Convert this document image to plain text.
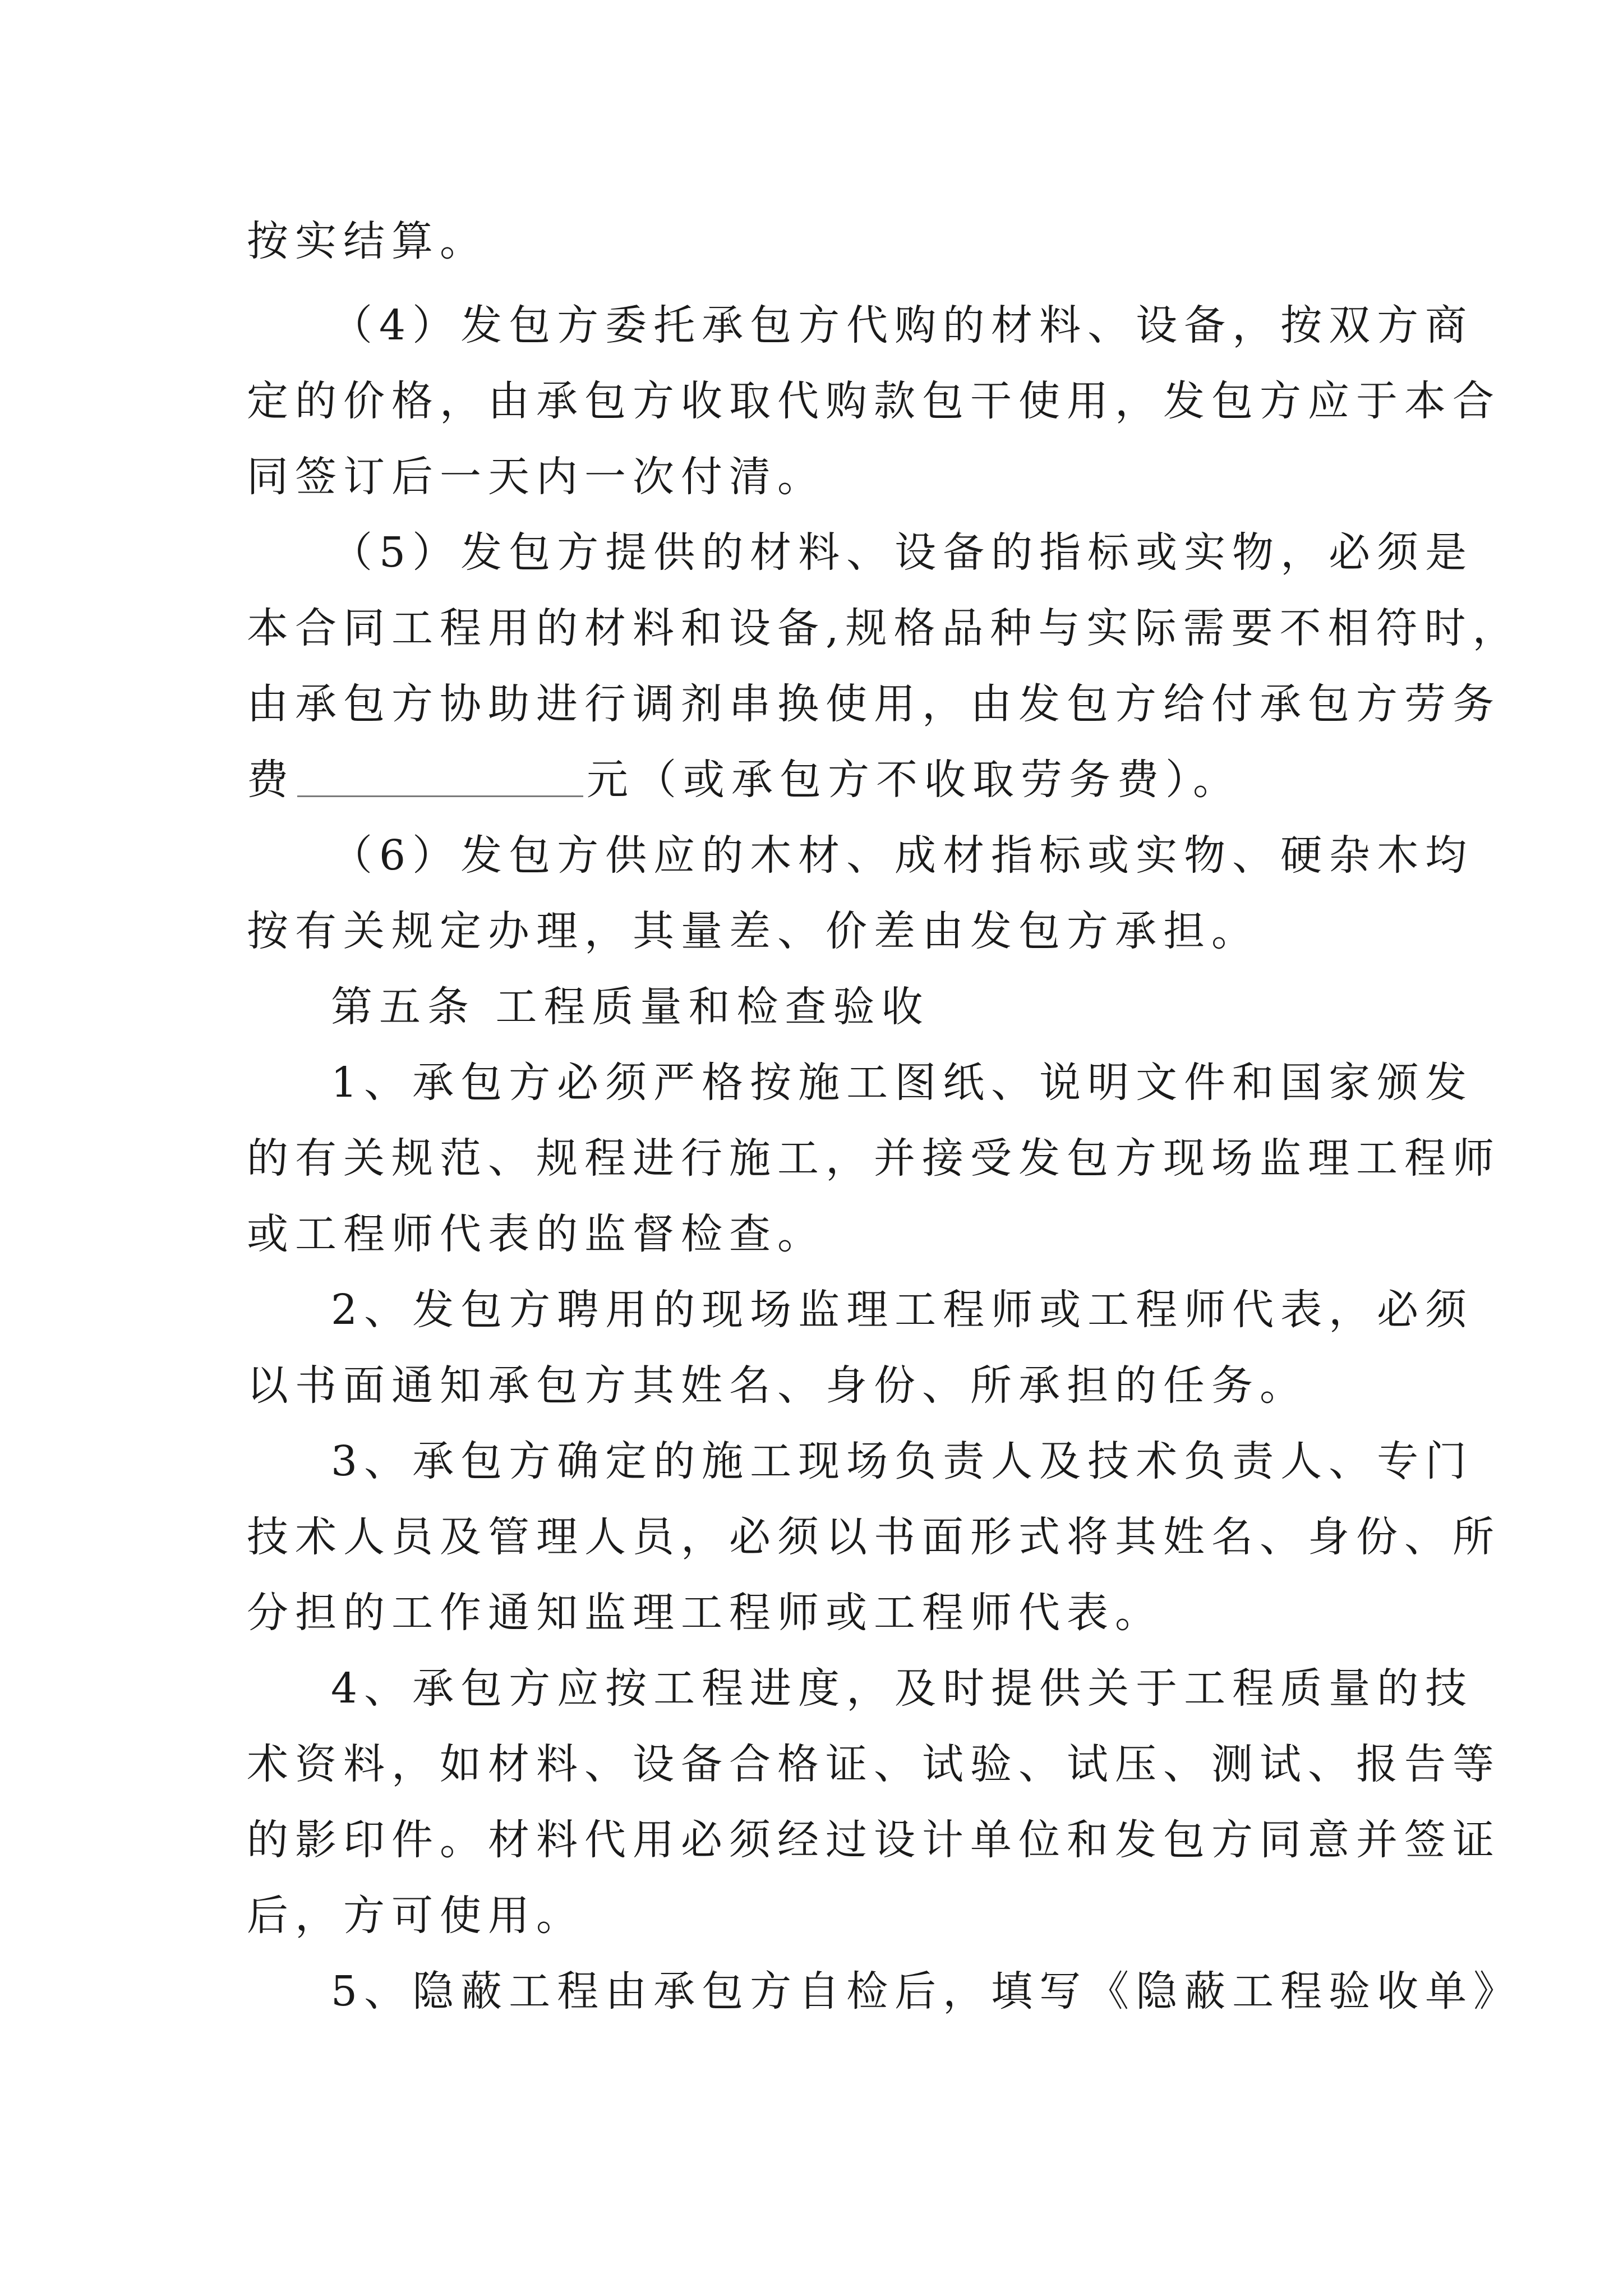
按实结算。
（4）发包方委托承包方代购的材料、设备，按双方商
定的价格，由承包方收取代购款包干使用，发包方应于本合
同签订后一天内一次付清。
（5）发包方提供的材料、设备的指标或实物，必须是
本合同工程用的材料和设备,规格品种与实际需要不相符时，
由承包方协助进行调剂串换使用，由发包方给付承包方劳务
费	元（或承包方不收取劳务费）。
（6）发包方供应的木材、成材指标或实物、硬杂木均
按有关规定办理，其量差、价差由发包方承担。
第五条 工程质量和检查验收
1、承包方必须严格按施工图纸、说明文件和国家颁发
的有关规范、规程进行施工，并接受发包方现场监理工程师
或工程师代表的监督检查。
2、发包方聘用的现场监理工程师或工程师代表，必须
以书面通知承包方其姓名、身份、所承担的任务。
3、承包方确定的施工现场负责人及技术负责人、专门
技术人员及管理人员，必须以书面形式将其姓名、身份、所
分担的工作通知监理工程师或工程师代表。
4、承包方应按工程进度，及时提供关于工程质量的技
术资料，如材料、设备合格证、试验、试压、测试、报告等
的影印件。材料代用必须经过设计单位和发包方同意并签证
后，方可使用。
5、隐蔽工程由承包方自检后，填写《隐蔽工程验收单》
